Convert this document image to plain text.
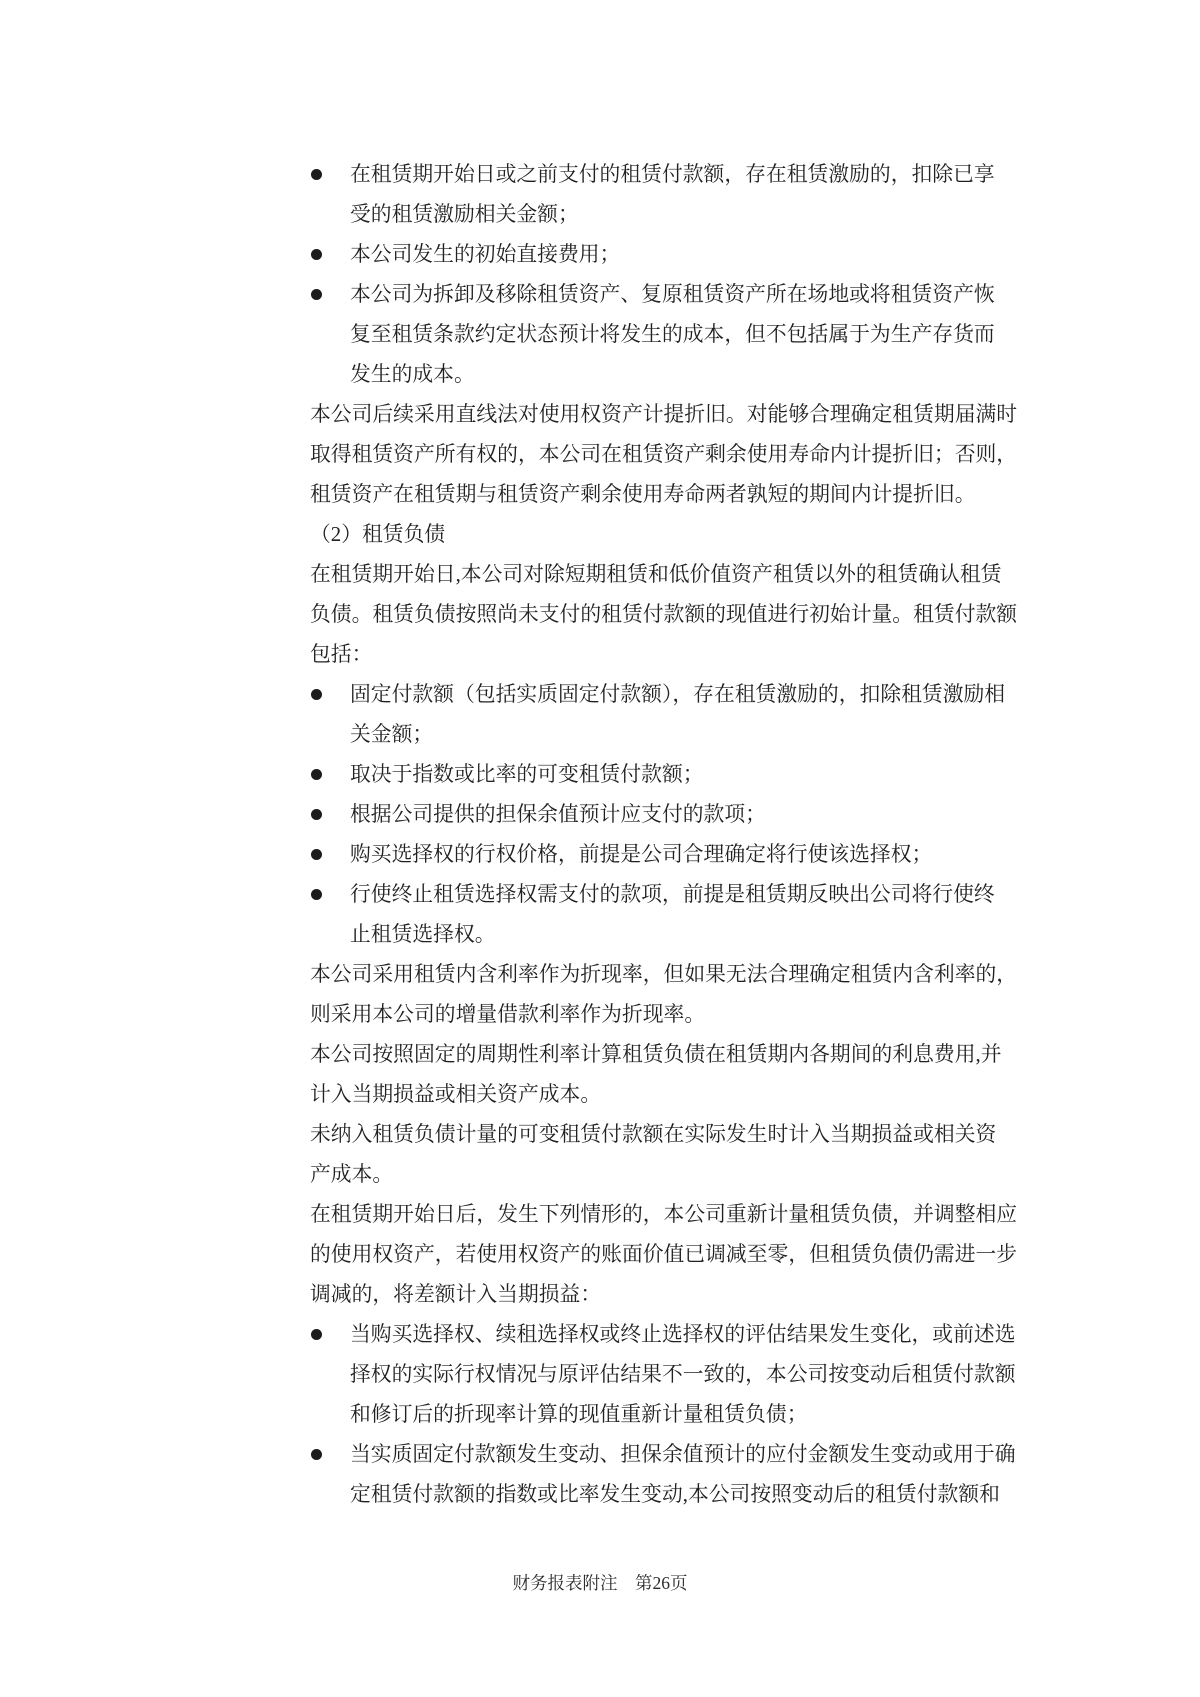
在租赁期开始日或之前支付的租赁付款额，存在租赁激励的，扣除已享
受的租赁激励相关金额；
本公司发生的初始直接费用；
本公司为拆卸及移除租赁资产、复原租赁资产所在场地或将租赁资产恢
复至租赁条款约定状态预计将发生的成本，但不包括属于为生产存货而
发生的成本。
本公司后续采用直线法对使用权资产计提折旧。对能够合理确定租赁期届满时
取得租赁资产所有权的，本公司在租赁资产剩余使用寿命内计提折旧；否则，
租赁资产在租赁期与租赁资产剩余使用寿命两者孰短的期间内计提折旧。
（2）租赁负债
在租赁期开始日,本公司对除短期租赁和低价值资产租赁以外的租赁确认租赁
负债。租赁负债按照尚未支付的租赁付款额的现值进行初始计量。租赁付款额
包括：
固定付款额（包括实质固定付款额），存在租赁激励的，扣除租赁激励相
关金额；
取决于指数或比率的可变租赁付款额；
根据公司提供的担保余值预计应支付的款项；
购买选择权的行权价格，前提是公司合理确定将行使该选择权；
行使终止租赁选择权需支付的款项，前提是租赁期反映出公司将行使终
止租赁选择权。
本公司采用租赁内含利率作为折现率，但如果无法合理确定租赁内含利率的，
则采用本公司的增量借款利率作为折现率。
本公司按照固定的周期性利率计算租赁负债在租赁期内各期间的利息费用,并
计入当期损益或相关资产成本。
未纳入租赁负债计量的可变租赁付款额在实际发生时计入当期损益或相关资
产成本。
在租赁期开始日后，发生下列情形的，本公司重新计量租赁负债，并调整相应
的使用权资产，若使用权资产的账面价值已调减至零，但租赁负债仍需进一步
调减的，将差额计入当期损益：
当购买选择权、续租选择权或终止选择权的评估结果发生变化，或前述选
择权的实际行权情况与原评估结果不一致的，本公司按变动后租赁付款额
和修订后的折现率计算的现值重新计量租赁负债；
当实质固定付款额发生变动、担保余值预计的应付金额发生变动或用于确
定租赁付款额的指数或比率发生变动,本公司按照变动后的租赁付款额和
财务报表附注　第26页
